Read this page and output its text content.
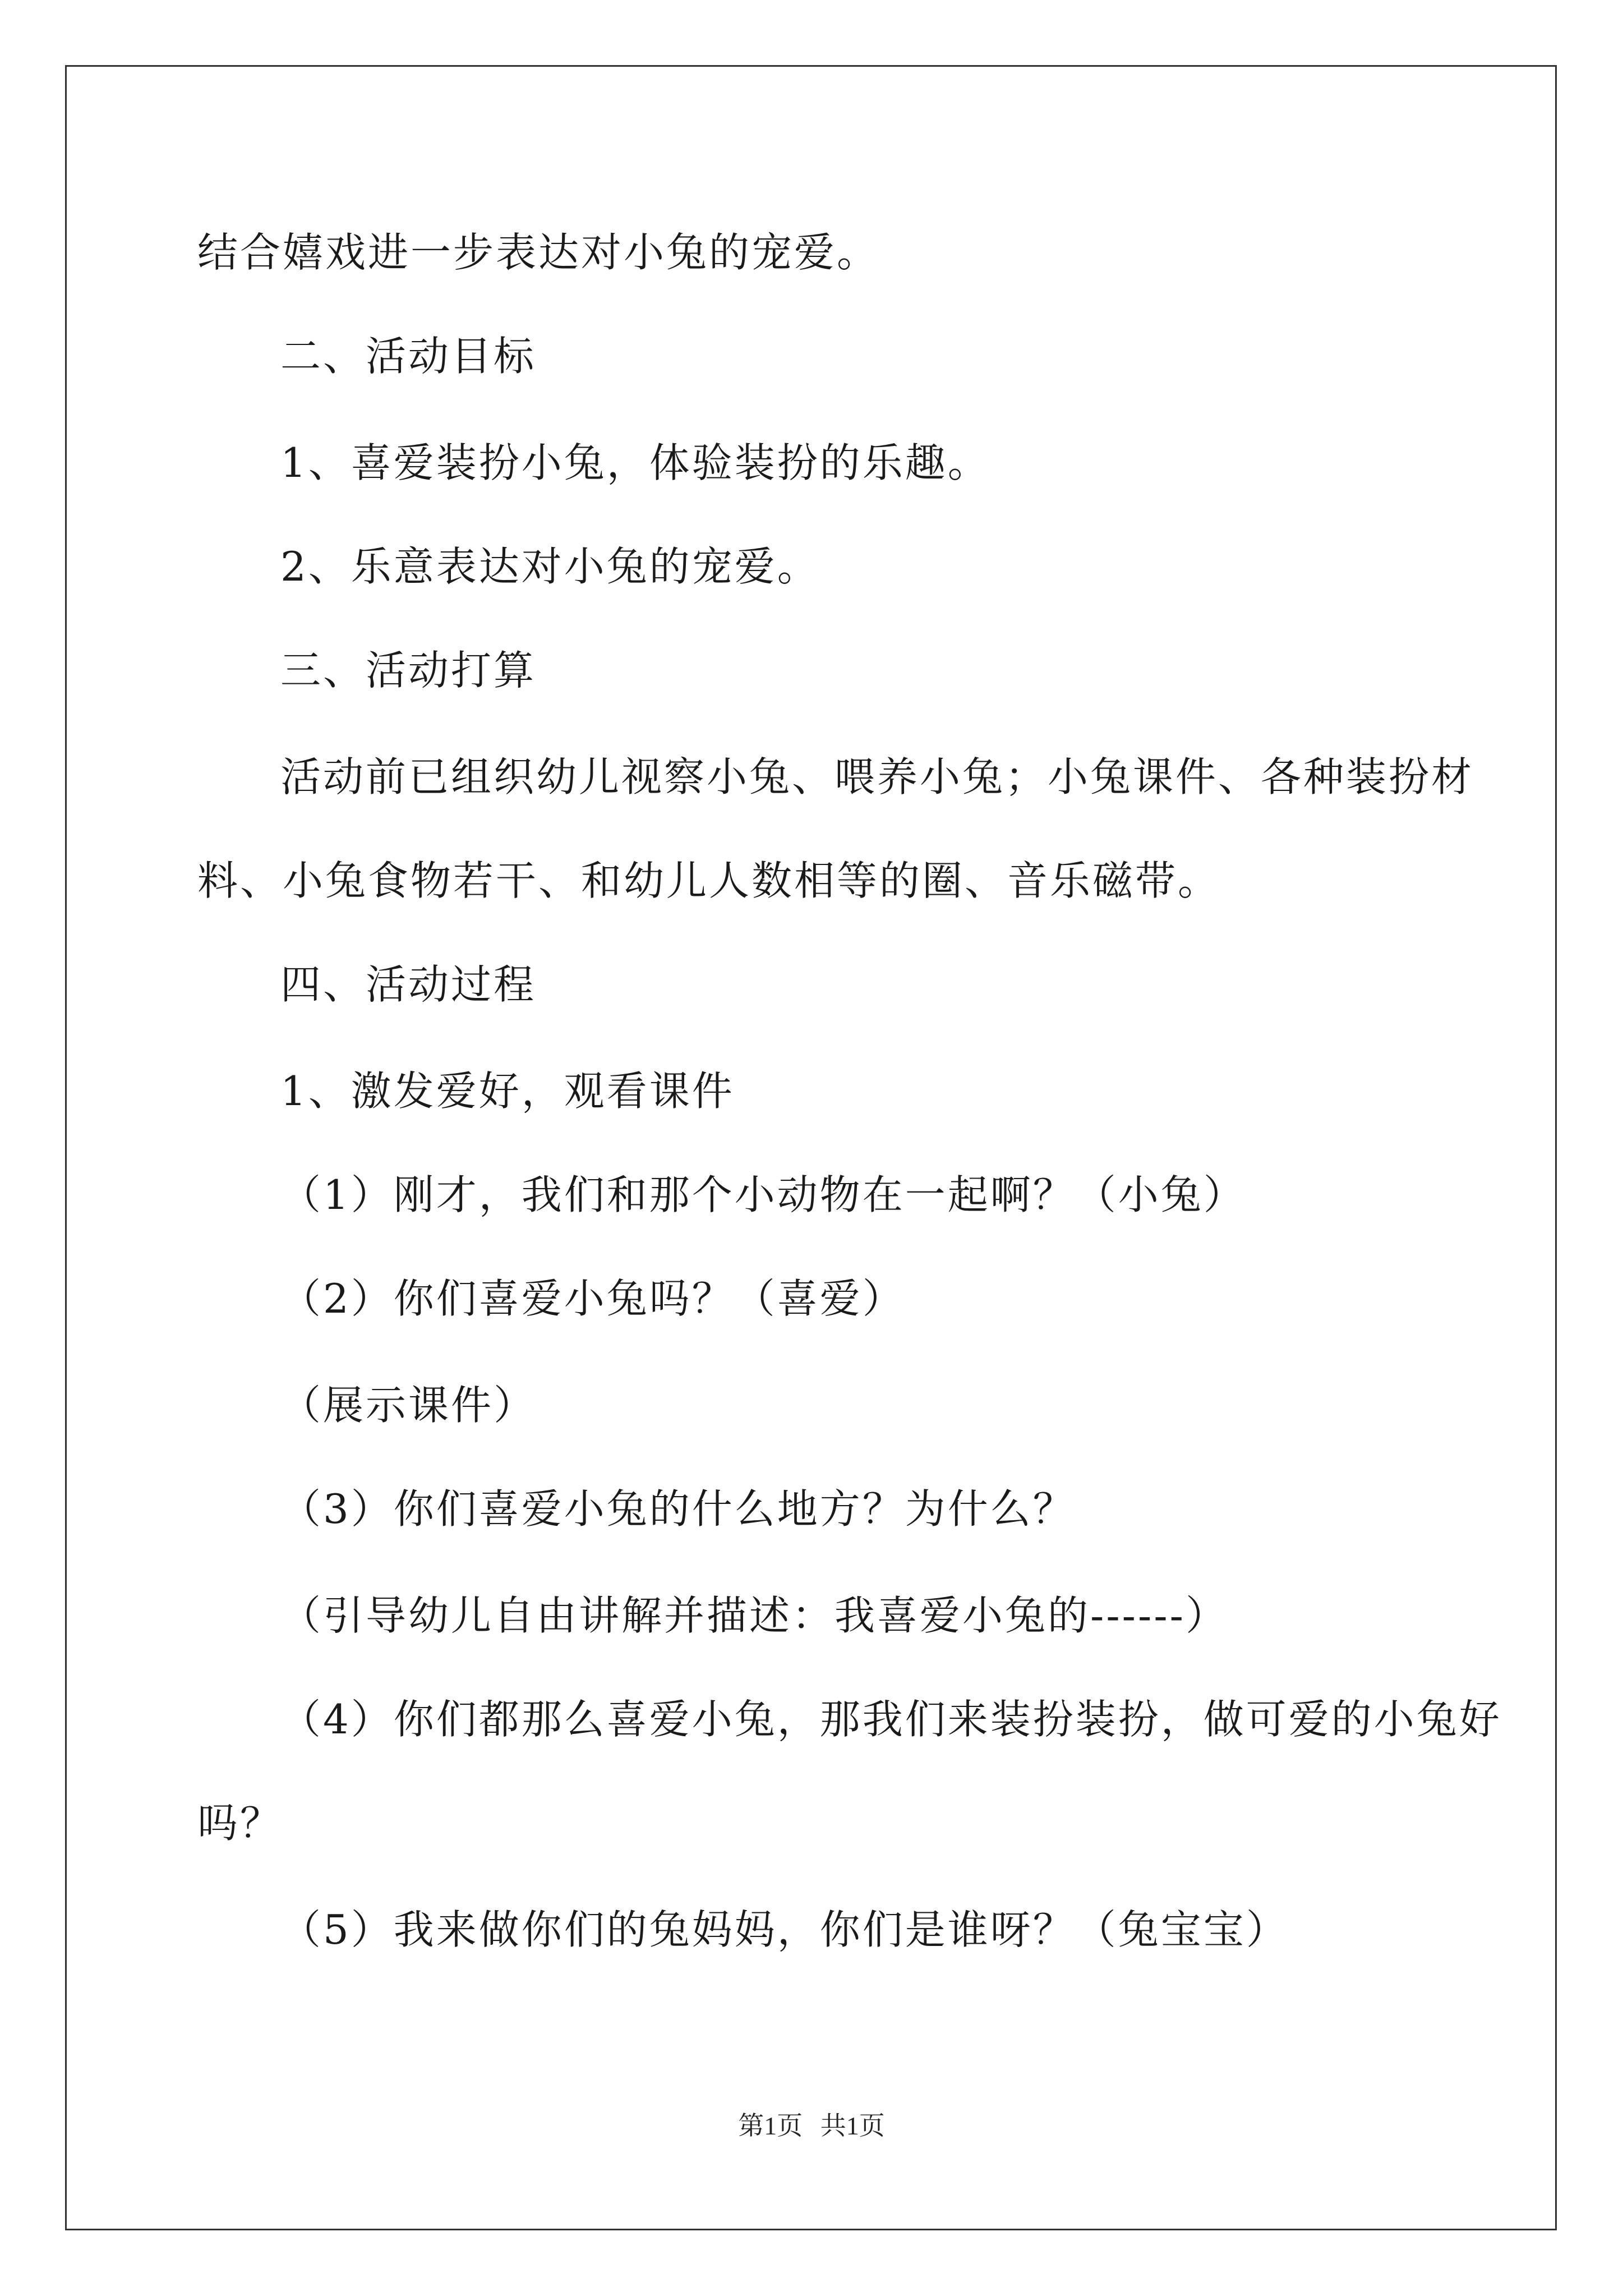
结合嬉戏进一步表达对小兔的宠爱。
二、活动目标
1、喜爱装扮小兔，体验装扮的乐趣。
2、乐意表达对小兔的宠爱。
三、活动打算
活动前已组织幼儿视察小兔、喂养小兔；小兔课件、各种装扮材
料、小兔食物若干、和幼儿人数相等的圈、音乐磁带。
四、活动过程
1、激发爱好，观看课件
（1）刚才，我们和那个小动物在一起啊？（小兔）
（2）你们喜爱小兔吗？（喜爱）
（展示课件）
（3）你们喜爱小兔的什么地方？为什么？
（引导幼儿自由讲解并描述：我喜爱小兔的------）
（4）你们都那么喜爱小兔，那我们来装扮装扮，做可爱的小兔好
吗？
（5）我来做你们的兔妈妈，你们是谁呀？（兔宝宝）
第1页 共1页
